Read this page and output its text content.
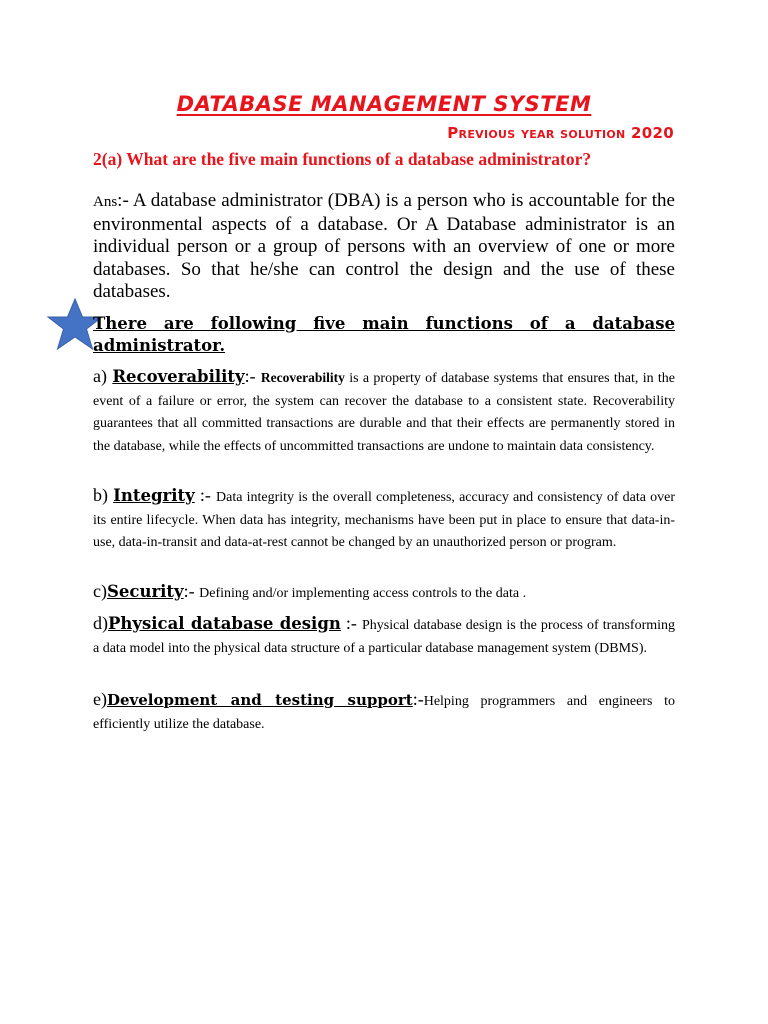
DATABASE MANAGEMENT SYSTEM
Previous year solution 2020
2(a) What are the five main functions of a database administrator?
Ans:- A database administrator (DBA) is a person who is accountable for the environmental aspects of a database. Or A Database administrator is an individual person or a group of persons with an overview of one or more databases. So that he/she can control the design and the use of these databases.
There are following five main functions of a database administrator.
a) Recoverability:- Recoverability is a property of database systems that ensures that, in the event of a failure or error, the system can recover the database to a consistent state. Recoverability guarantees that all committed transactions are durable and that their effects are permanently stored in the database, while the effects of uncommitted transactions are undone to maintain data consistency.
b) Integrity :- Data integrity is the overall completeness, accuracy and consistency of data over its entire lifecycle. When data has integrity, mechanisms have been put in place to ensure that data-in-use, data-in-transit and data-at-rest cannot be changed by an unauthorized person or program.
c)Security:- Defining and/or implementing access controls to the data .
d)Physical database design :- Physical database design is the process of transforming a data model into the physical data structure of a particular database management system (DBMS).
e)Development and testing support:-Helping programmers and engineers to efficiently utilize the database.
